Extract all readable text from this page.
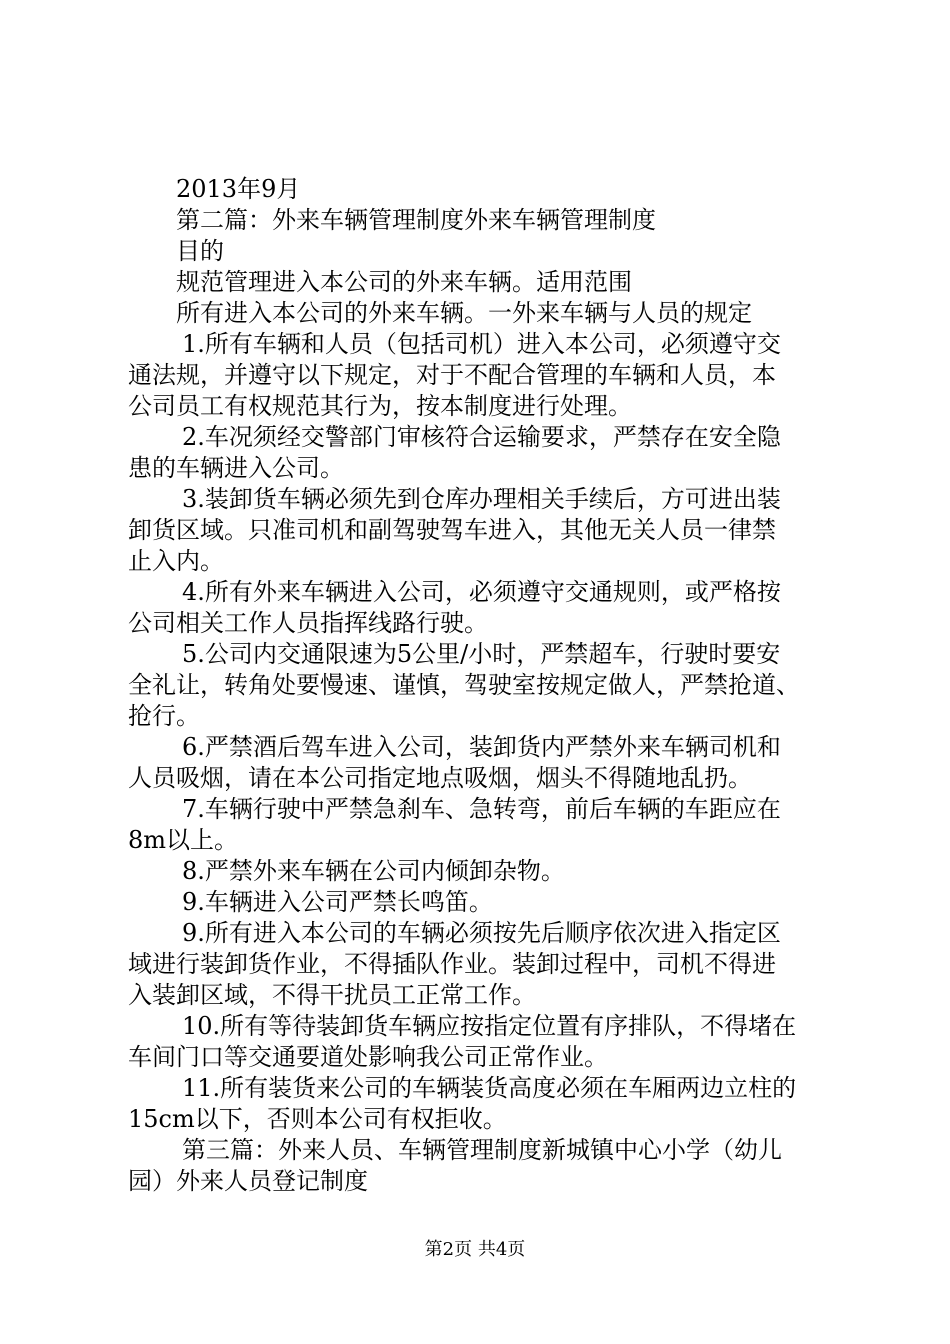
2013年9月
第二篇：外来车辆管理制度外来车辆管理制度
目的
规范管理进入本公司的外来车辆。适用范围
所有进入本公司的外来车辆。一外来车辆与人员的规定
1.所有车辆和人员（包括司机）进入本公司，必须遵守交
通法规，并遵守以下规定，对于不配合管理的车辆和人员，本
公司员工有权规范其行为，按本制度进行处理。
2.车况须经交警部门审核符合运输要求，严禁存在安全隐
患的车辆进入公司。
3.装卸货车辆必须先到仓库办理相关手续后，方可进出装
卸货区域。只准司机和副驾驶驾车进入，其他无关人员一律禁
止入内。
4.所有外来车辆进入公司，必须遵守交通规则，或严格按
公司相关工作人员指挥线路行驶。
5.公司内交通限速为5公里/小时，严禁超车，行驶时要安
全礼让，转角处要慢速、谨慎，驾驶室按规定做人，严禁抢道、
抢行。
6.严禁酒后驾车进入公司，装卸货内严禁外来车辆司机和
人员吸烟，请在本公司指定地点吸烟，烟头不得随地乱扔。
7.车辆行驶中严禁急刹车、急转弯，前后车辆的车距应在
8m以上。
8.严禁外来车辆在公司内倾卸杂物。
9.车辆进入公司严禁长鸣笛。
9.所有进入本公司的车辆必须按先后顺序依次进入指定区
域进行装卸货作业，不得插队作业。装卸过程中，司机不得进
入装卸区域，不得干扰员工正常工作。
10.所有等待装卸货车辆应按指定位置有序排队，不得堵在
车间门口等交通要道处影响我公司正常作业。
11.所有装货来公司的车辆装货高度必须在车厢两边立柱的
15cm以下，否则本公司有权拒收。
第三篇：外来人员、车辆管理制度新城镇中心小学（幼儿
园）外来人员登记制度
第2页 共4页
